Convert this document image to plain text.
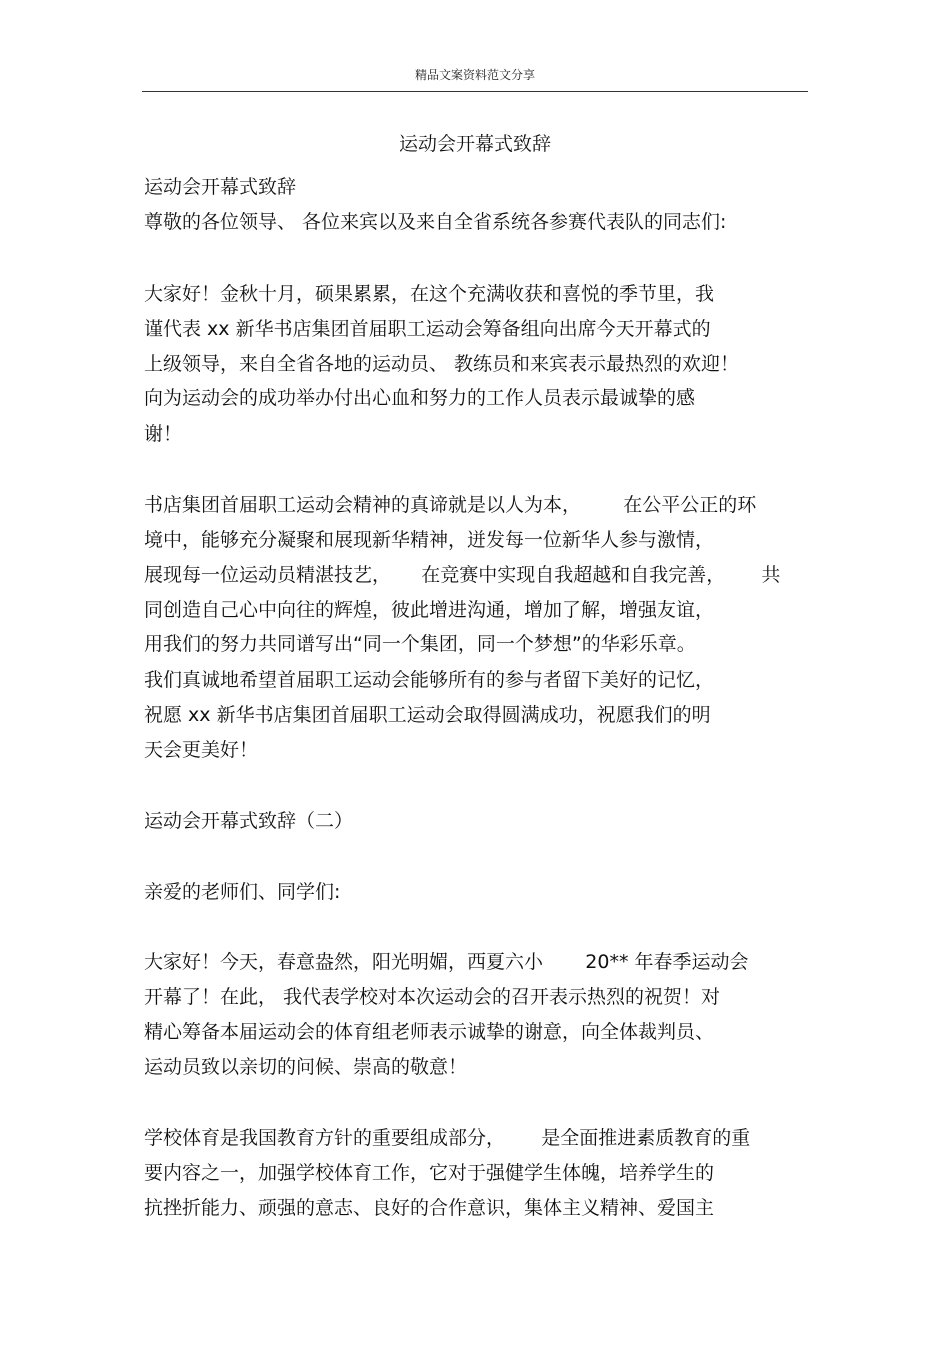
精品文案资料范文分享
运动会开幕式致辞
运动会开幕式致辞
尊敬的各位领导、 各位来宾以及来自全省系统各参赛代表队的同志们:
大家好！金秋十月，硕果累累，在这个充满收获和喜悦的季节里，我
谨代表 xx 新华书店集团首届职工运动会筹备组向出席今天开幕式的
上级领导，来自全省各地的运动员、 教练员和来宾表示最热烈的欢迎！
向为运动会的成功举办付出心血和努力的工作人员表示最诚挚的感
谢！
书店集团首届职工运动会精神的真谛就是以人为本，       在公平公正的环
境中，能够充分凝聚和展现新华精神，迸发每一位新华人参与激情，
展现每一位运动员精湛技艺，     在竞赛中实现自我超越和自我完善，      共
同创造自己心中向往的辉煌，彼此增进沟通，增加了解，增强友谊，
用我们的努力共同谱写出“同一个集团，同一个梦想”的华彩乐章。
我们真诚地希望首届职工运动会能够所有的参与者留下美好的记忆，
祝愿 xx 新华书店集团首届职工运动会取得圆满成功，祝愿我们的明
天会更美好！
运动会开幕式致辞（二）
亲爱的老师们、同学们:
大家好！今天，春意盎然，阳光明媚，西夏六小       20** 年春季运动会
开幕了！在此， 我代表学校对本次运动会的召开表示热烈的祝贺！对
精心筹备本届运动会的体育组老师表示诚挚的谢意，向全体裁判员、
运动员致以亲切的问候、崇高的敬意！
学校体育是我国教育方针的重要组成部分，      是全面推进素质教育的重
要内容之一，加强学校体育工作，它对于强健学生体魄，培养学生的
抗挫折能力、顽强的意志、良好的合作意识，集体主义精神、爱国主
